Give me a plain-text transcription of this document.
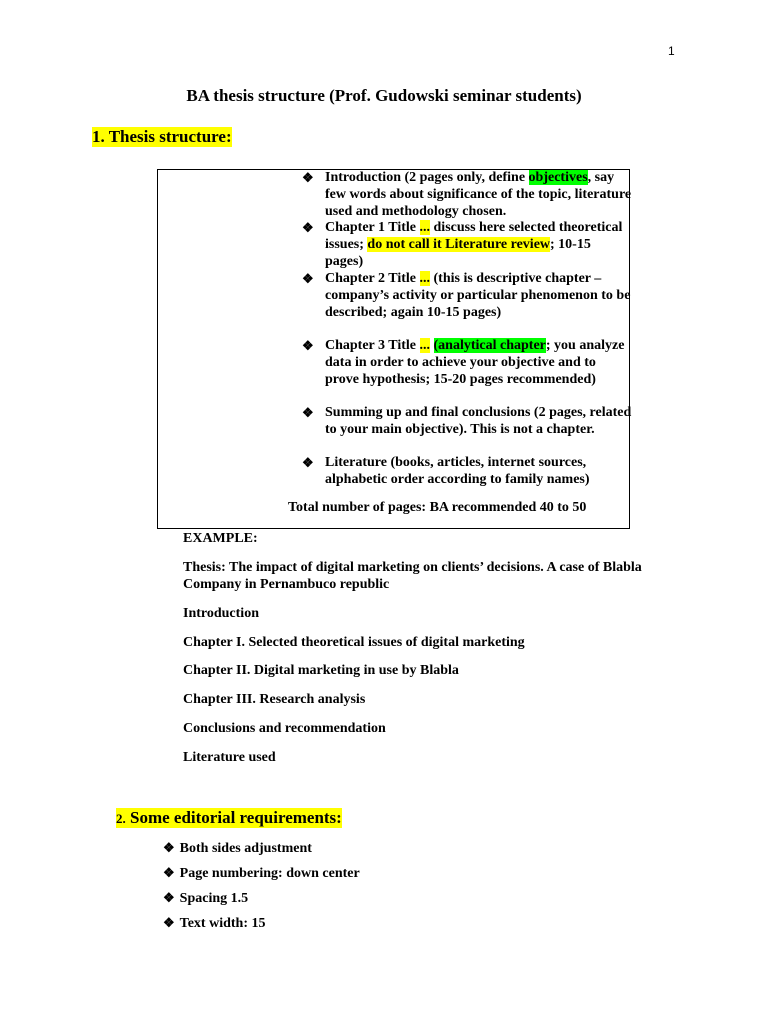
1
BA thesis structure (Prof. Gudowski seminar students)
1. Thesis structure:
❖ Introduction (2 pages only, define objectives, say few words about significance of the topic, literature used and methodology chosen.
❖ Chapter 1 Title ... discuss here selected theoretical issues; do not call it Literature review; 10-15 pages)
❖ Chapter 2 Title ... (this is descriptive chapter – company’s activity or particular phenomenon to be described; again 10-15 pages)
❖ Chapter 3 Title ... (analytical chapter; you analyze data in order to achieve your objective and to prove hypothesis; 15-20 pages recommended)
❖ Summing up and final conclusions (2 pages, related to your main objective). This is not a chapter.
❖ Literature (books, articles, internet sources, alphabetic order according to family names)
Total number of pages: BA recommended 40 to 50
EXAMPLE:
Thesis: The impact of digital marketing on clients’ decisions. A case of Blabla Company in Pernambuco republic
Introduction
Chapter I. Selected theoretical issues of digital marketing
Chapter II. Digital marketing in use by Blabla
Chapter III. Research analysis
Conclusions and recommendation
Literature used
2. Some editorial requirements:
❖ Both sides adjustment
❖ Page numbering: down center
❖ Spacing 1.5
❖ Text width: 15
